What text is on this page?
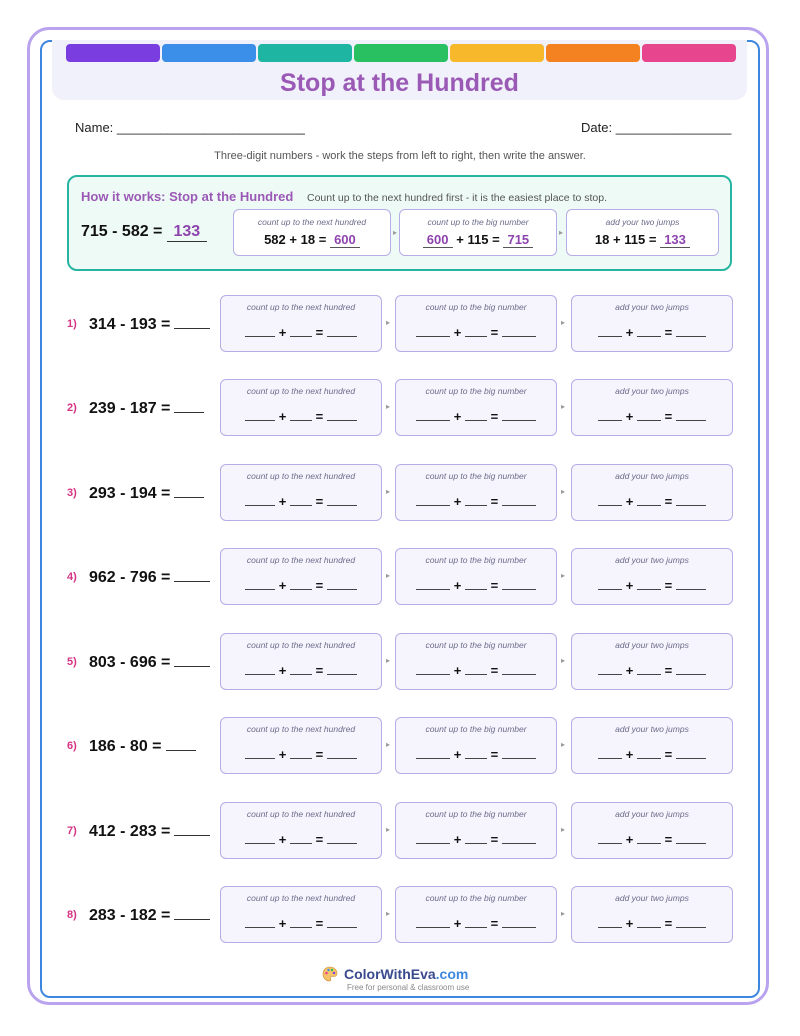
Stop at the Hundred
Name: __________________________	Date: ________________
Three-digit numbers - work the steps from left to right, then write the answer.
How it works: Stop at the Hundred Count up to the next hundred first - it is the easiest place to stop.
715 - 582 = 133
count up to the next hundred
582 + 18 = 600	▸
count up to the big number
600 + 115 = 715	▸
add your two jumps
18 + 115 = 133
1) 314 - 193 =
count up to the next hundred
+ =
▸
count up to the big number
+ =
▸
add your two jumps
+ =
2) 239 - 187 =
count up to the next hundred
+ =
▸
count up to the big number
+ =
▸
add your two jumps
+ =
3) 293 - 194 =
count up to the next hundred
+ =
▸
count up to the big number
+ =
▸
add your two jumps
+ =
4) 962 - 796 =
count up to the next hundred
+ =
▸
count up to the big number
+ =
▸
add your two jumps
+ =
5) 803 - 696 =
count up to the next hundred
+ =
▸
count up to the big number
+ =
▸
add your two jumps
+ =
6) 186 - 80 =
count up to the next hundred
+ =
▸
count up to the big number
+ =
▸
add your two jumps
+ =
7) 412 - 283 =
count up to the next hundred
+ =
▸
count up to the big number
+ =
▸
add your two jumps
+ =
8) 283 - 182 =
count up to the next hundred
+ =
▸
count up to the big number
+ =
▸
add your two jumps
+ =
ColorWithEva.com
Free for personal & classroom use
